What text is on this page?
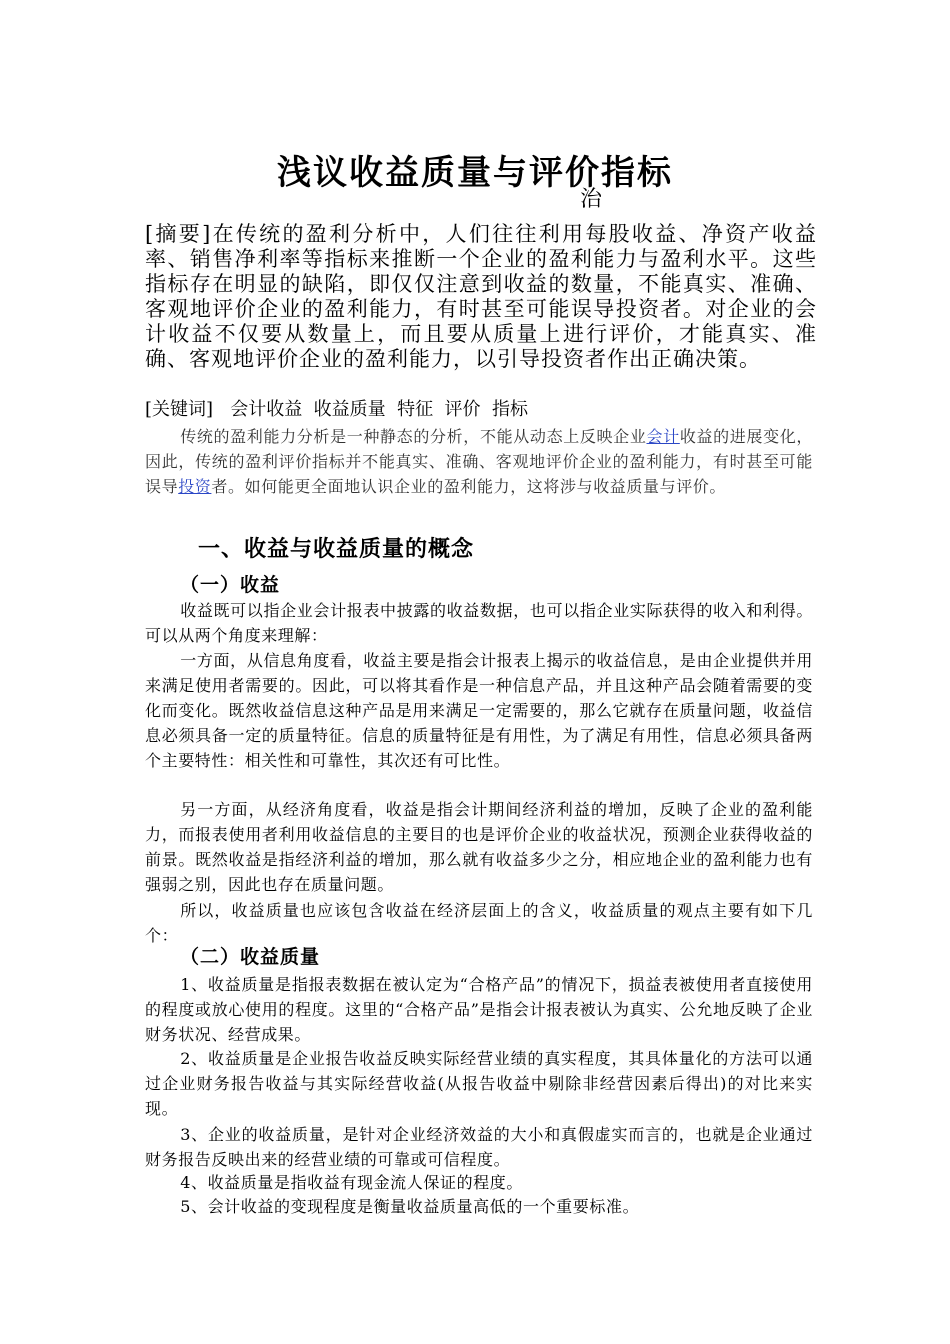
浅议收益质量与评价指标
治

[摘要]在传统的盈利分析中，人们往往利用每股收益、净资产收益率、销售净利率等指标来推断一个企业的盈利能力与盈利水平。这些指标存在明显的缺陷，即仅仅注意到收益的数量，不能真实、准确、客观地评价企业的盈利能力，有时甚至可能误导投资者。对企业的会计收益不仅要从数量上，而且要从质量上进行评价，才能真实、准确、客观地评价企业的盈利能力，以引导投资者作出正确决策。

[关键词]   会计收益  收益质量  特征  评价  指标

传统的盈利能力分析是一种静态的分析，不能从动态上反映企业会计收益的进展变化，因此，传统的盈利评价指标并不能真实、准确、客观地评价企业的盈利能力，有时甚至可能误导投资者。如何能更全面地认识企业的盈利能力，这将涉与收益质量与评价。

一、收益与收益质量的概念
（一）收益

收益既可以指企业会计报表中披露的收益数据，也可以指企业实际获得的收入和利得。可以从两个角度来理解：

一方面，从信息角度看，收益主要是指会计报表上揭示的收益信息，是由企业提供并用来满足使用者需要的。因此，可以将其看作是一种信息产品，并且这种产品会随着需要的变化而变化。既然收益信息这种产品是用来满足一定需要的，那么它就存在质量问题，收益信息必须具备一定的质量特征。信息的质量特征是有用性，为了满足有用性，信息必须具备两个主要特性：相关性和可靠性，其次还有可比性。

另一方面，从经济角度看，收益是指会计期间经济利益的增加，反映了企业的盈利能力，而报表使用者利用收益信息的主要目的也是评价企业的收益状况，预测企业获得收益的前景。既然收益是指经济利益的增加，那么就有收益多少之分，相应地企业的盈利能力也有强弱之别，因此也存在质量问题。

所以，收益质量也应该包含收益在经济层面上的含义，收益质量的观点主要有如下几个：

（二）收益质量

1、收益质量是指报表数据在被认定为“合格产品”的情况下，损益表被使用者直接使用的程度或放心使用的程度。这里的“合格产品”是指会计报表被认为真实、公允地反映了企业财务状况、经营成果。

2、收益质量是企业报告收益反映实际经营业绩的真实程度，其具体量化的方法可以通过企业财务报告收益与其实际经营收益(从报告收益中剔除非经营因素后得出)的对比来实现。

3、企业的收益质量，是针对企业经济效益的大小和真假虚实而言的，也就是企业通过财务报告反映出来的经营业绩的可靠或可信程度。

4、收益质量是指收益有现金流人保证的程度。

5、会计收益的变现程度是衡量收益质量高低的一个重要标准。
